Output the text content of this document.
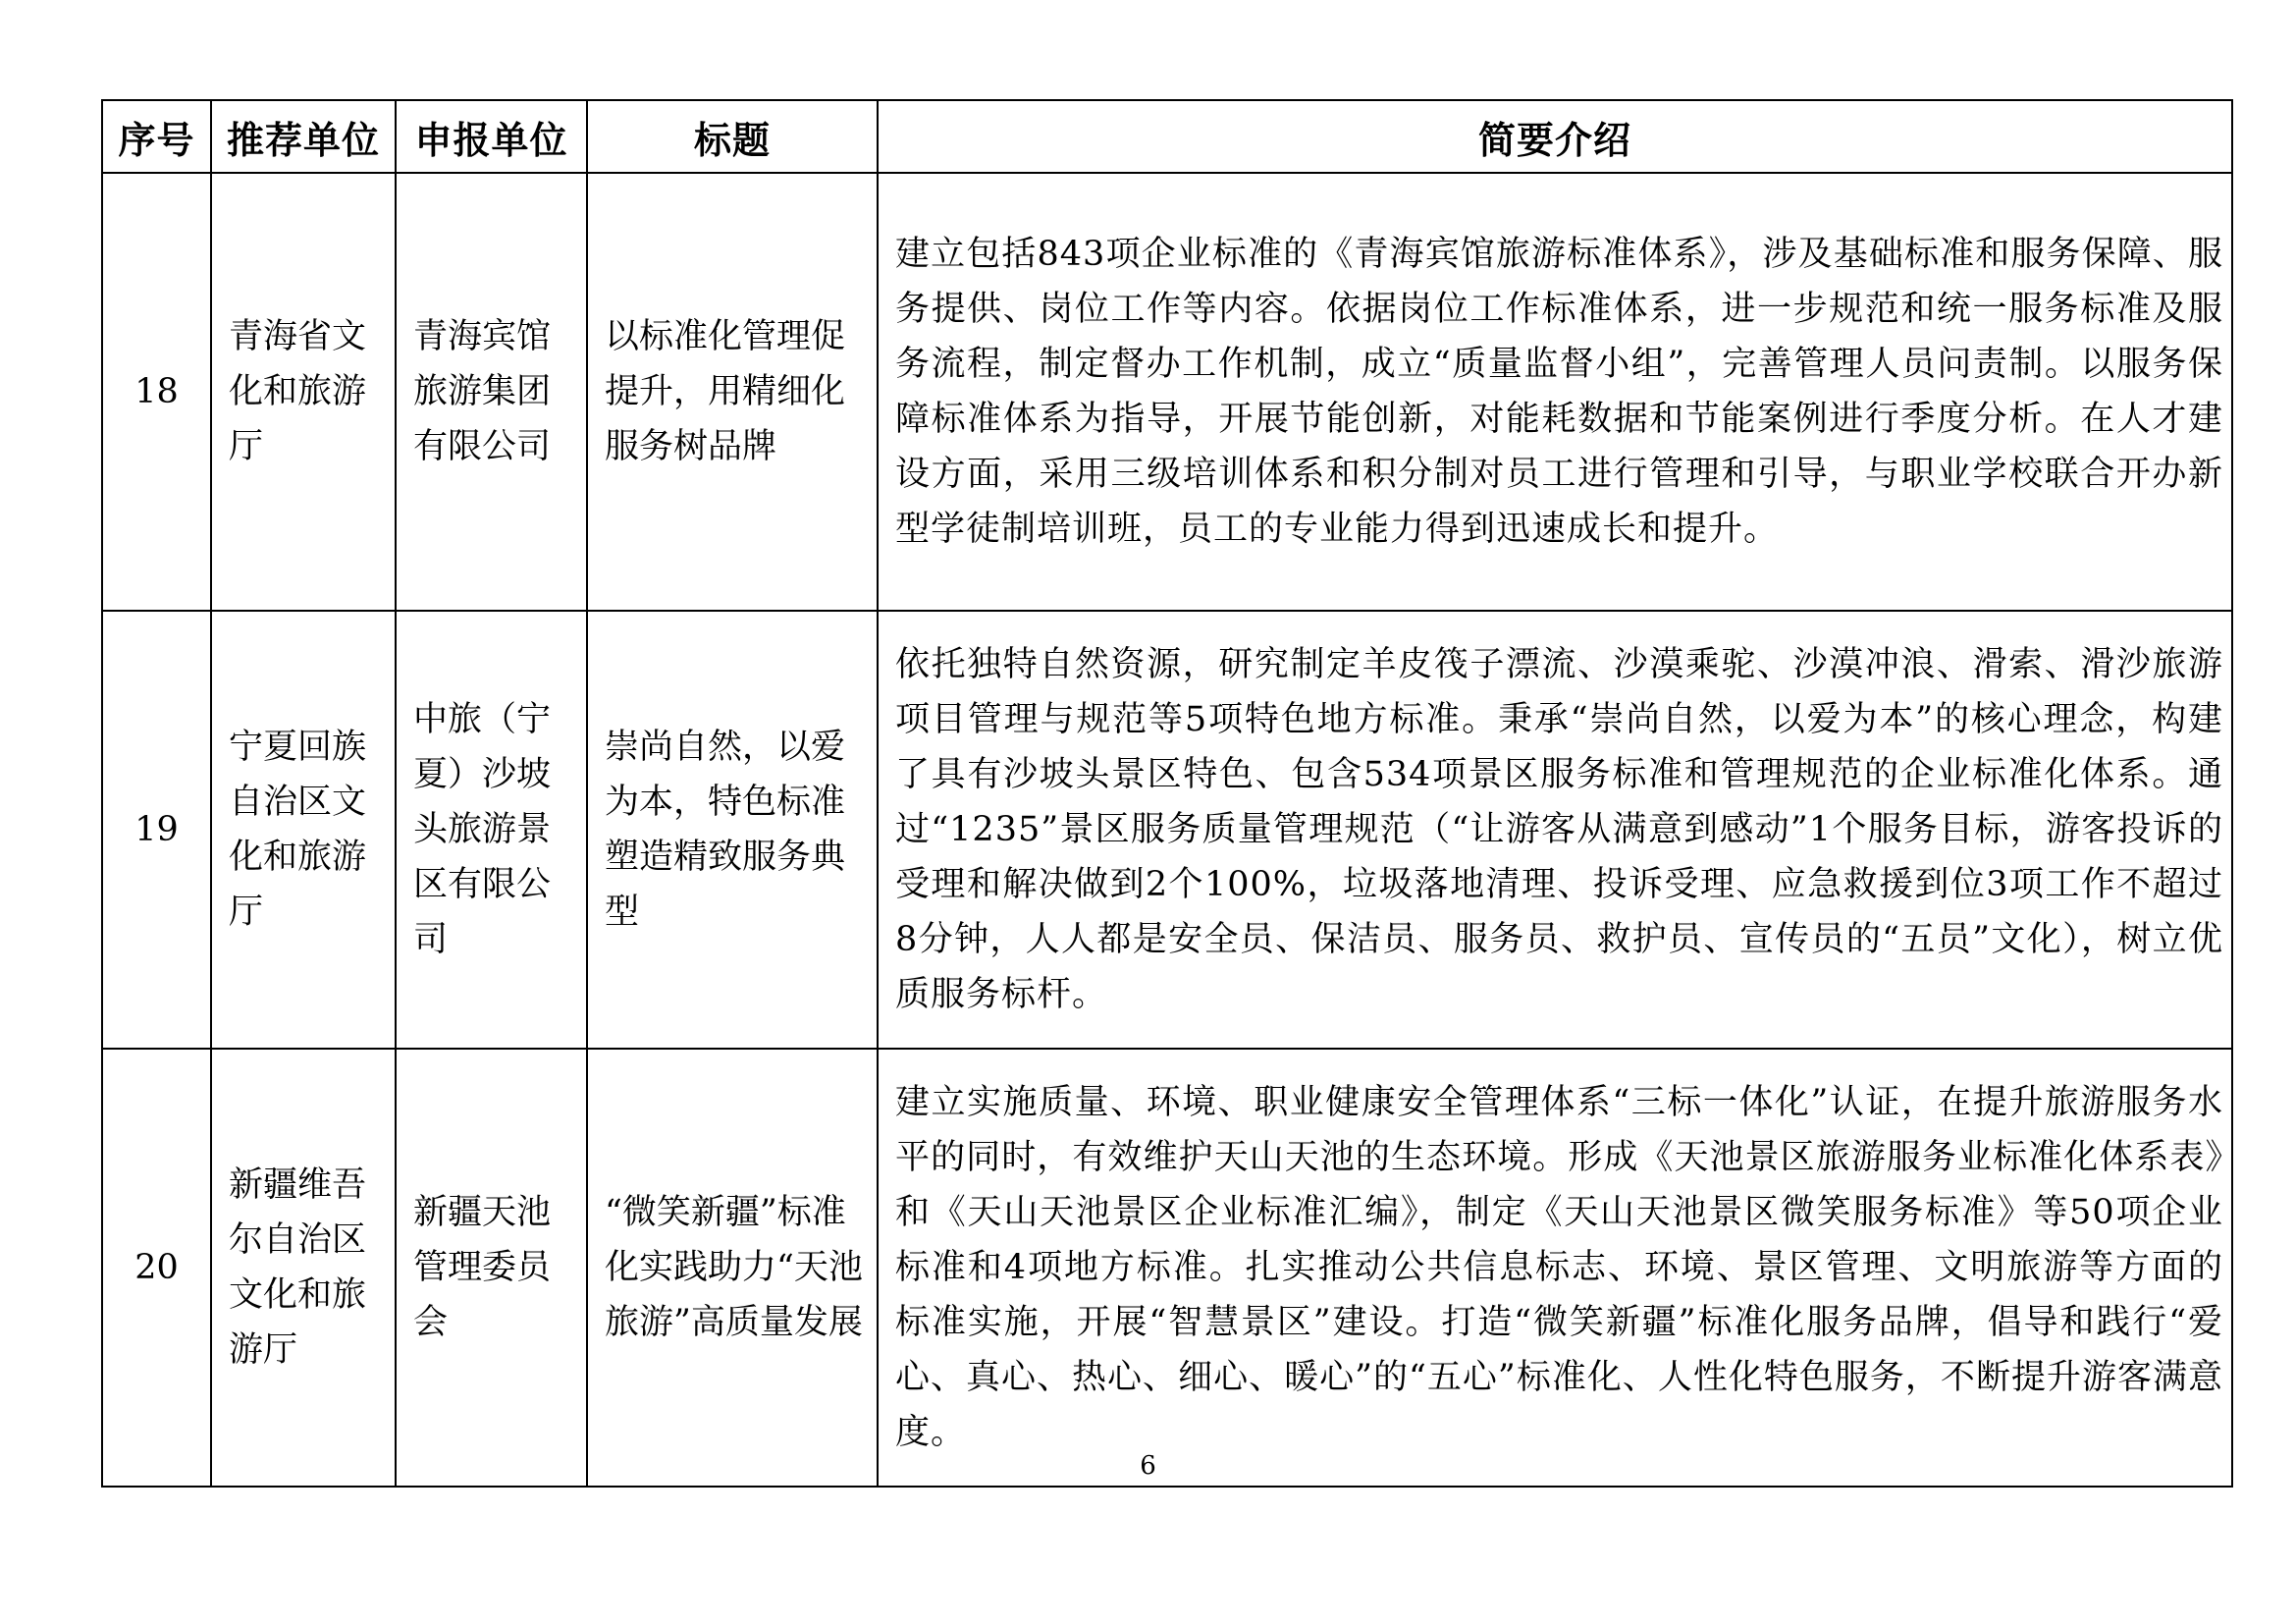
序号	推荐单位	申报单位	标题	简要介绍
18	青海省文化和旅游厅	青海宾馆旅游集团有限公司	以标准化管理促提升，用精细化服务树品牌	建立包括843项企业标准的《青海宾馆旅游标准体系》，涉及基础标准和服务保障、服务提供、岗位工作等内容。依据岗位工作标准体系，进一步规范和统一服务标准及服务流程，制定督办工作机制，成立“质量监督小组”，完善管理人员问责制。以服务保障标准体系为指导，开展节能创新，对能耗数据和节能案例进行季度分析。在人才建设方面，采用三级培训体系和积分制对员工进行管理和引导，与职业学校联合开办新型学徒制培训班，员工的专业能力得到迅速成长和提升。
19	宁夏回族自治区文化和旅游厅	中旅（宁夏）沙坡头旅游景区有限公司	崇尚自然，以爱为本，特色标准塑造精致服务典型	依托独特自然资源，研究制定羊皮筏子漂流、沙漠乘驼、沙漠冲浪、滑索、滑沙旅游项目管理与规范等5项特色地方标准。秉承“崇尚自然，以爱为本”的核心理念，构建了具有沙坡头景区特色、包含534项景区服务标准和管理规范的企业标准化体系。通过“1235”景区服务质量管理规范（“让游客从满意到感动”1个服务目标，游客投诉的受理和解决做到2个100%，垃圾落地清理、投诉受理、应急救援到位3项工作不超过8分钟，人人都是安全员、保洁员、服务员、救护员、宣传员的“五员”文化），树立优质服务标杆。
20	新疆维吾尔自治区文化和旅游厅	新疆天池管理委员会	“微笑新疆”标准化实践助力“天池旅游”高质量发展	建立实施质量、环境、职业健康安全管理体系“三标一体化”认证，在提升旅游服务水平的同时，有效维护天山天池的生态环境。形成《天池景区旅游服务业标准化体系表》和《天山天池景区企业标准汇编》，制定《天山天池景区微笑服务标准》等50项企业标准和4项地方标准。扎实推动公共信息标志、环境、景区管理、文明旅游等方面的标准实施，开展“智慧景区”建设。打造“微笑新疆”标准化服务品牌，倡导和践行“爱心、真心、热心、细心、暖心”的“五心”标准化、人性化特色服务，不断提升游客满意度。
6
